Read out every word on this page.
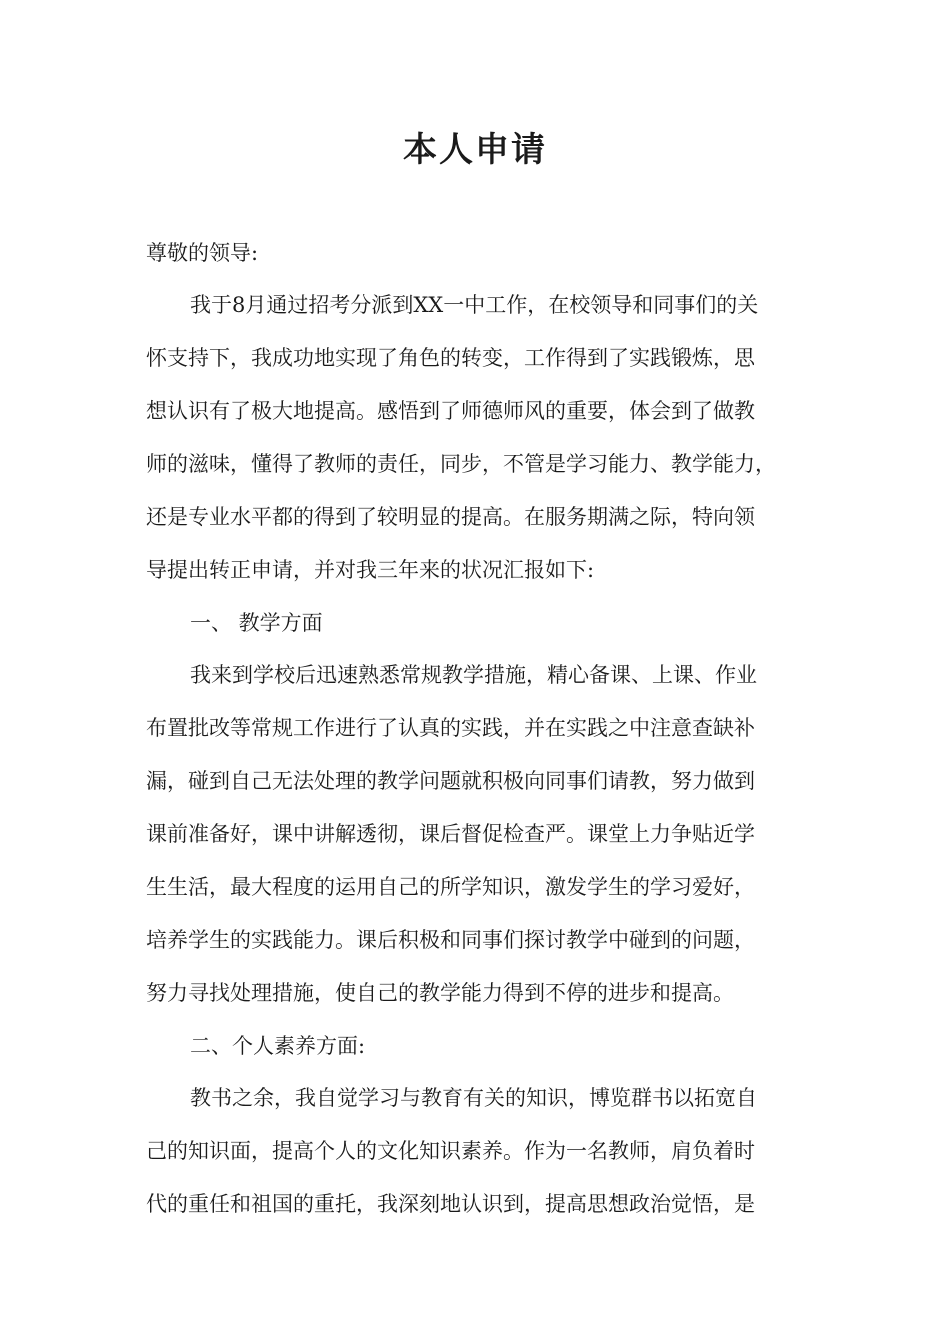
本人申请

尊敬的领导:

我于8月通过招考分派到XX一中工作，在校领导和同事们的关

怀支持下，我成功地实现了角色的转变，工作得到了实践锻炼，思

想认识有了极大地提高。感悟到了师德师风的重要，体会到了做教

师的滋味，懂得了教师的责任，同步，不管是学习能力、教学能力，

还是专业水平都的得到了较明显的提高。在服务期满之际，特向领

导提出转正申请，并对我三年来的状况汇报如下:

一、 教学方面

我来到学校后迅速熟悉常规教学措施，精心备课、上课、作业

布置批改等常规工作进行了认真的实践，并在实践之中注意查缺补

漏，碰到自己无法处理的教学问题就积极向同事们请教，努力做到

课前准备好，课中讲解透彻，课后督促检查严。课堂上力争贴近学

生生活，最大程度的运用自己的所学知识，激发学生的学习爱好，

培养学生的实践能力。课后积极和同事们探讨教学中碰到的问题，

努力寻找处理措施，使自己的教学能力得到不停的进步和提高。

二、个人素养方面:

教书之余，我自觉学习与教育有关的知识，博览群书以拓宽自

己的知识面，提高个人的文化知识素养。作为一名教师，肩负着时

代的重任和祖国的重托，我深刻地认识到，提高思想政治觉悟，是
